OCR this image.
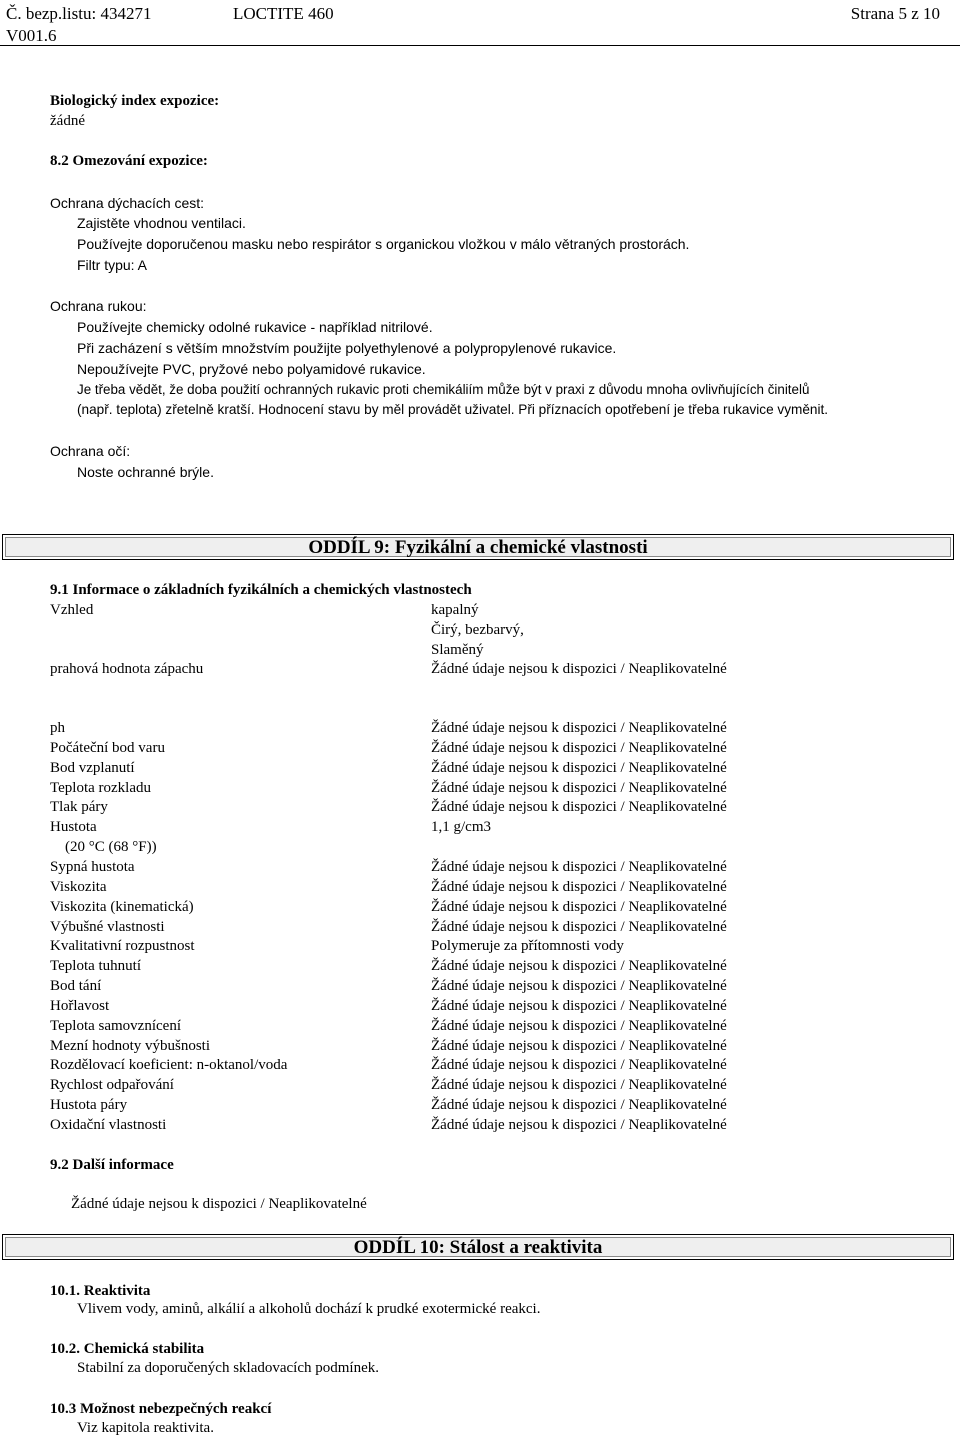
Č. bezp.listu: 434271
V001.6
LOCTITE 460	Strana 5 z 10
Biologický index expozice:
žádné
8.2 Omezování expozice:
Ochrana dýchacích cest:
Zajistěte vhodnou ventilaci.
Používejte doporučenou masku nebo respirátor s organickou vložkou v málo větraných prostorách.
Filtr typu: A
Ochrana rukou:
Používejte chemicky odolné rukavice - například nitrilové.
Při zacházení s větším množstvím použijte polyethylenové a polypropylenové rukavice.
Nepoužívejte PVC, pryžové nebo polyamidové rukavice.
Je třeba vědět, že doba použití ochranných rukavic proti chemikáliím může být v praxi z důvodu mnoha ovlivňujících činitelů
(např. teplota) zřetelně kratší. Hodnocení stavu by měl provádět uživatel. Při příznacích opotřebení je třeba rukavice vyměnit.
Ochrana očí:
Noste ochranné brýle.
ODDÍL 9: Fyzikální a chemické vlastnosti
9.1 Informace o základních fyzikálních a chemických vlastnostech
Vzhled	kapalný
Čirý, bezbarvý,
Slaměný
prahová hodnota zápachu	Žádné údaje nejsou k dispozici / Neaplikovatelné
ph	Žádné údaje nejsou k dispozici / Neaplikovatelné
Počáteční bod varu	Žádné údaje nejsou k dispozici / Neaplikovatelné
Bod vzplanutí	Žádné údaje nejsou k dispozici / Neaplikovatelné
Teplota rozkladu	Žádné údaje nejsou k dispozici / Neaplikovatelné
Tlak páry	Žádné údaje nejsou k dispozici / Neaplikovatelné
Hustota	1,1 g/cm3
(20 °C (68 °F))
Sypná hustota	Žádné údaje nejsou k dispozici / Neaplikovatelné
Viskozita	Žádné údaje nejsou k dispozici / Neaplikovatelné
Viskozita (kinematická)	Žádné údaje nejsou k dispozici / Neaplikovatelné
Výbušné vlastnosti	Žádné údaje nejsou k dispozici / Neaplikovatelné
Kvalitativní rozpustnost	Polymeruje za přítomnosti vody
Teplota tuhnutí	Žádné údaje nejsou k dispozici / Neaplikovatelné
Bod tání	Žádné údaje nejsou k dispozici / Neaplikovatelné
Hořlavost	Žádné údaje nejsou k dispozici / Neaplikovatelné
Teplota samovznícení	Žádné údaje nejsou k dispozici / Neaplikovatelné
Mezní hodnoty výbušnosti	Žádné údaje nejsou k dispozici / Neaplikovatelné
Rozdělovací koeficient: n-oktanol/voda	Žádné údaje nejsou k dispozici / Neaplikovatelné
Rychlost odpařování	Žádné údaje nejsou k dispozici / Neaplikovatelné
Hustota páry	Žádné údaje nejsou k dispozici / Neaplikovatelné
Oxidační vlastnosti	Žádné údaje nejsou k dispozici / Neaplikovatelné
9.2 Další informace
Žádné údaje nejsou k dispozici / Neaplikovatelné
ODDÍL 10: Stálost a reaktivita
10.1. Reaktivita
Vlivem vody, aminů, alkálií a alkoholů dochází k prudké exotermické reakci.
10.2. Chemická stabilita
Stabilní za doporučených skladovacích podmínek.
10.3 Možnost nebezpečných reakcí
Viz kapitola reaktivita.
